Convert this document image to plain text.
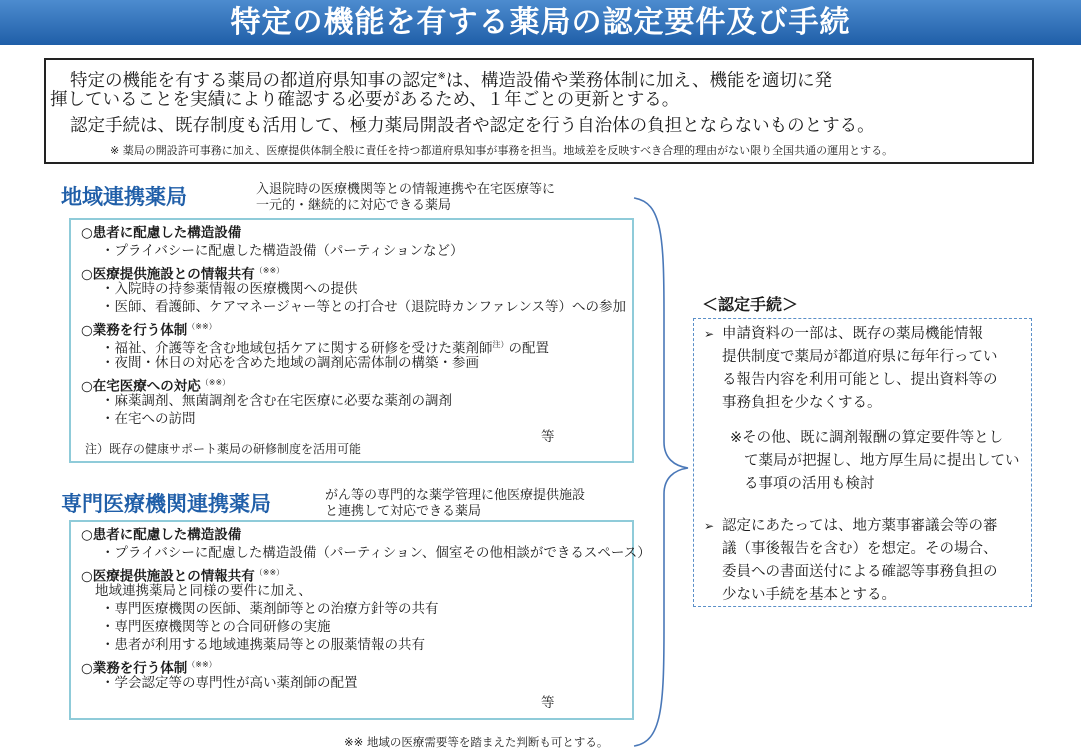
特定の機能を有する薬局の認定要件及び手続
特定の機能を有する薬局の都道府県知事の認定※は、構造設備や業務体制に加え、機能を適切に発
揮していることを実績により確認する必要があるため、１年ごとの更新とする。
認定手続は、既存制度も活用して、極力薬局開設者や認定を行う自治体の負担とならないものとする。
※ 薬局の開設許可事務に加え、医療提供体制全般に責任を持つ都道府県知事が事務を担当。地域差を反映すべき合理的理由がない限り全国共通の運用とする。
地域連携薬局	入退院時の医療機関等との情報連携や在宅医療等に
一元的・継続的に対応できる薬局
○患者に配慮した構造設備
・プライバシーに配慮した構造設備（パーティションなど）
○医療提供施設との情報共有（※※）
・入院時の持参薬情報の医療機関への提供
・医師、看護師、ケアマネージャー等との打合せ（退院時カンファレンス等）への参加
○業務を行う体制（※※）
・福祉、介護等を含む地域包括ケアに関する研修を受けた薬剤師$^{注)}$の配置
・夜間・休日の対応を含めた地域の調剤応需体制の構築・参画
○在宅医療への対応（※※）
・麻薬調剤、無菌調剤を含む在宅医療に必要な薬剤の調剤
・在宅への訪問
等
注）既存の健康サポート薬局の研修制度を活用可能
専門医療機関連携薬局	がん等の専門的な薬学管理に他医療提供施設
と連携して対応できる薬局
○患者に配慮した構造設備
・プライバシーに配慮した構造設備（パーティション、個室その他相談ができるスペース）
○医療提供施設との情報共有（※※）
地域連携薬局と同様の要件に加え、
・専門医療機関の医師、薬剤師等との治療方針等の共有
・専門医療機関等との合同研修の実施
・患者が利用する地域連携薬局等との服薬情報の共有
○業務を行う体制（※※）
・学会認定等の専門性が高い薬剤師の配置
等
※※ 地域の医療需要等を踏まえた判断も可とする。
＜認定手続＞
➢ 申請資料の一部は、既存の薬局機能情報
提供制度で薬局が都道府県に毎年行ってい
る報告内容を利用可能とし、提出資料等の
事務負担を少なくする。
※その他、既に調剤報酬の算定要件等とし
て薬局が把握し、地方厚生局に提出してい
る事項の活用も検討
➢ 認定にあたっては、地方薬事審議会等の審
議（事後報告を含む）を想定。その場合、
委員への書面送付による確認等事務負担の
少ない手続を基本とする。
